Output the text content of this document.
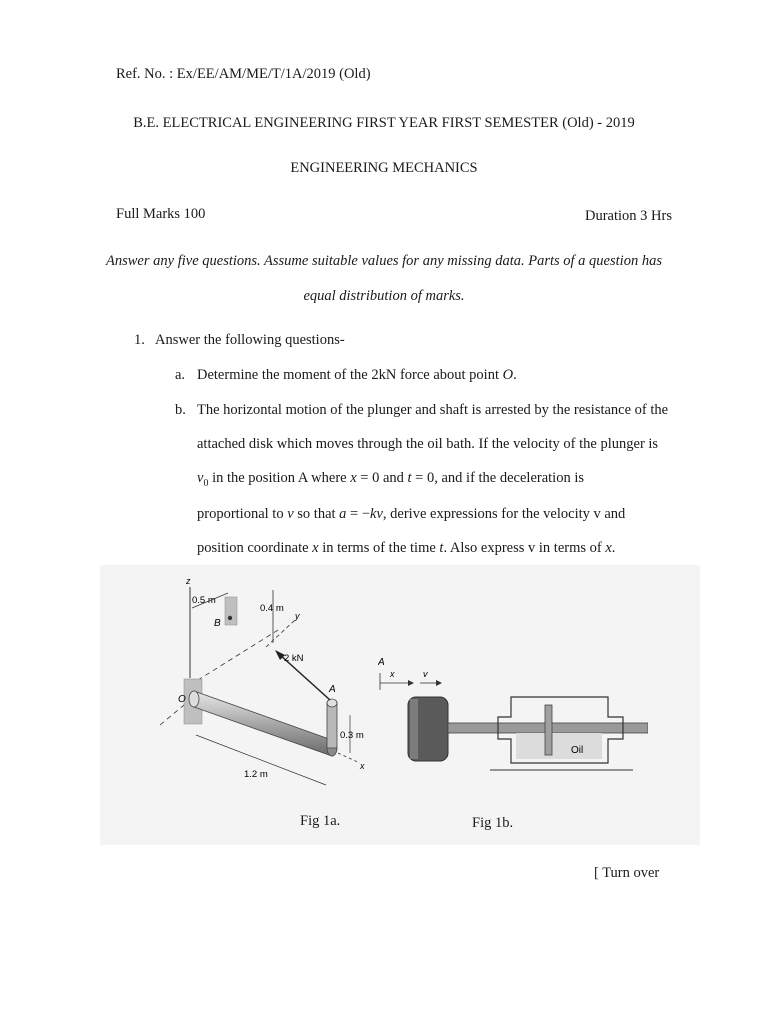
Ref. No. : Ex/EE/AM/ME/T/1A/2019 (Old)
B.E. ELECTRICAL ENGINEERING FIRST YEAR FIRST SEMESTER (Old) - 2019
ENGINEERING MECHANICS
Full Marks 100	Duration 3 Hrs
Answer any five questions. Assume suitable values for any missing data. Parts of a question has
equal distribution of marks.
1. Answer the following questions-
a. Determine the moment of the 2kN force about point O.
b. The horizontal motion of the plunger and shaft is arrested by the resistance of the
attached disk which moves through the oil bath. If the velocity of the plunger is
$v_0$ in the position A where x = 0 and t = 0, and if the deceleration is
proportional to v so that a = −kv, derive expressions for the velocity v and
position coordinate x in terms of the time t. Also express v in terms of x.
z
0.5 m
B
0.4 m
y
O
A
2 kN
0.3 m
x
1.2 m
A
x	v
Oil
Fig 1a.	Fig 1b.
[ Turn over
